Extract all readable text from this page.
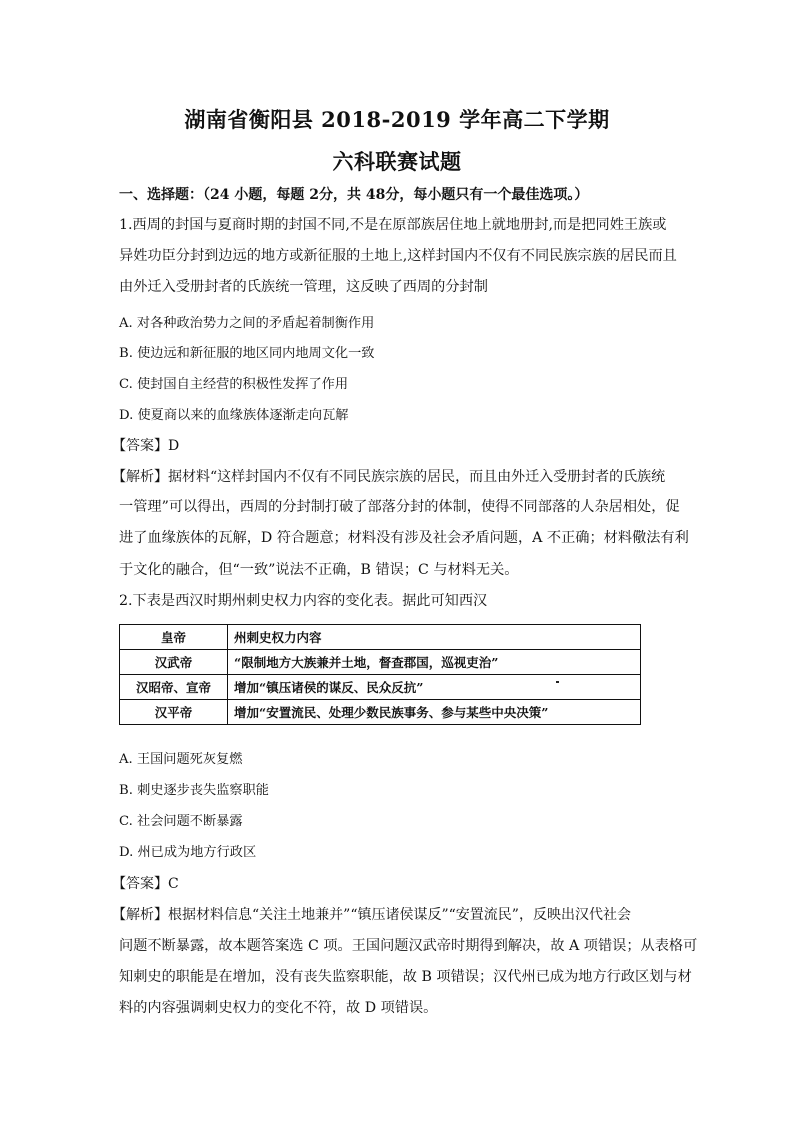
湖南省衡阳县 2018-2019 学年高二下学期
六科联赛试题
一、选择题：（24 小题，每题 2分，共 48分，每小题只有一个最佳选项。）
1.西周的封国与夏商时期的封国不同,不是在原部族居住地上就地册封,而是把同姓王族或
异姓功臣分封到边远的地方或新征服的土地上,这样封国内不仅有不同民族宗族的居民而且
由外迁入受册封者的氏族统一管理，这反映了西周的分封制
A. 对各种政治势力之间的矛盾起着制衡作用
B. 使边远和新征服的地区同内地周文化一致
C. 使封国自主经营的积极性发挥了作用
D. 使夏商以来的血缘族体逐渐走向瓦解
【答案】D
【解析】据材料“这样封国内不仅有不同民族宗族的居民，而且由外迁入受册封者的氏族统
一管理”可以得出，西周的分封制打破了部落分封的体制，使得不同部落的人杂居相处，促
进了血缘族体的瓦解，D 符合题意；材料没有涉及社会矛盾问题，A 不正确；材料儆法有利
于文化的融合，但“一致”说法不正确，B 错误；C 与材料无关。
2.下表是西汉时期州刺史权力内容的变化表。据此可知西汉
皇帝	州刺史权力内容
汉武帝	“限制地方大族兼并土地，督查郡国，巡视吏治”
汉昭帝、宣帝	增加“镇压诸侯的谋反、民众反抗”
汉平帝	增加“安置流民、处理少数民族事务、参与某些中央决策”
A. 王国问题死灰复燃
B. 刺史逐步丧失监察职能
C. 社会问题不断暴露
D. 州已成为地方行政区
【答案】C
【解析】根据材料信息“关注土地兼并”“镇压诸侯谋反”“安置流民”，反映出汉代社会
问题不断暴露，故本题答案选 C 项。王国问题汉武帝时期得到解决，故 A 项错误；从表格可
知刺史的职能是在增加，没有丧失监察职能，故 B 项错误；汉代州已成为地方行政区划与材
料的内容强调刺史权力的变化不符，故 D 项错误。
